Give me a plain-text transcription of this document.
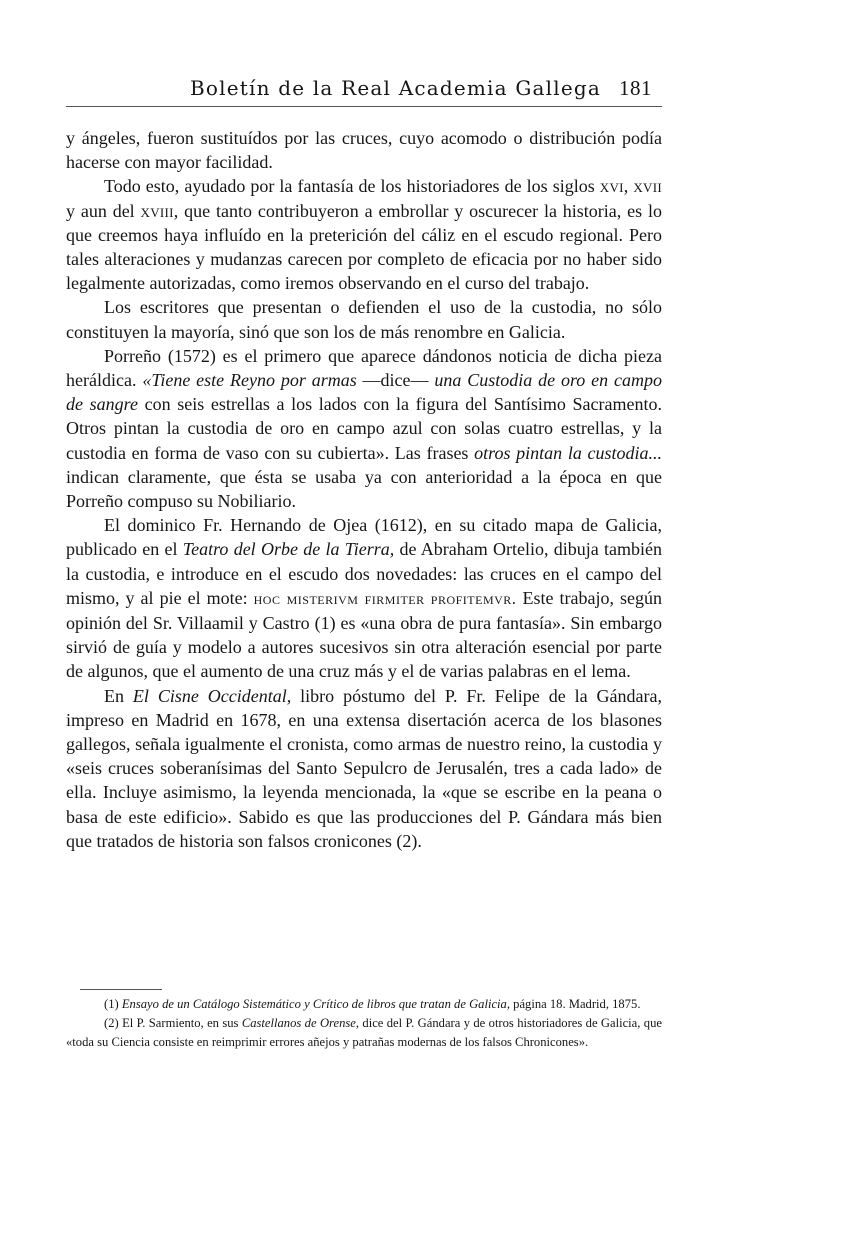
Boletín de la Real Academia Gallega 181

y ángeles, fueron sustituídos por las cruces, cuyo acomodo o distribución podía hacerse con mayor facilidad.

Todo esto, ayudado por la fantasía de los historiadores de los siglos xvi, xvii y aun del xviii, que tanto contribuyeron a embrollar y oscurecer la historia, es lo que creemos haya influído en la preterición del cáliz en el escudo regional. Pero tales alteraciones y mudanzas carecen por completo de eficacia por no haber sido legalmente autorizadas, como iremos observando en el curso del trabajo.

Los escritores que presentan o defienden el uso de la custodia, no sólo constituyen la mayoría, sinó que son los de más renombre en Galicia.

Porreño (1572) es el primero que aparece dándonos noticia de dicha pieza heráldica. «Tiene este Reyno por armas —dice— una Custodia de oro en campo de sangre con seis estrellas a los lados con la figura del Santísimo Sacramento. Otros pintan la custodia de oro en campo azul con solas cuatro estrellas, y la custodia en forma de vaso con su cubierta». Las frases otros pintan la custodia... indican claramente, que ésta se usaba ya con anterioridad a la época en que Porreño compuso su Nobiliario.

El dominico Fr. Hernando de Ojea (1612), en su citado mapa de Galicia, publicado en el Teatro del Orbe de la Tierra, de Abraham Ortelio, dibuja también la custodia, e introduce en el escudo dos novedades: las cruces en el campo del mismo, y al pie el mote: hoc misterivm firmiter profitemvr. Este trabajo, según opinión del Sr. Villaamil y Castro (1) es «una obra de pura fantasía». Sin embargo sirvió de guía y modelo a autores sucesivos sin otra alteración esencial por parte de algunos, que el aumento de una cruz más y el de varias palabras en el lema.

En El Cisne Occidental, libro póstumo del P. Fr. Felipe de la Gándara, impreso en Madrid en 1678, en una extensa disertación acerca de los blasones gallegos, señala igualmente el cronista, como armas de nuestro reino, la custodia y «seis cruces soberanísimas del Santo Sepulcro de Jerusalén, tres a cada lado» de ella. Incluye asimismo, la leyenda mencionada, la «que se escribe en la peana o basa de este edificio». Sabido es que las producciones del P. Gándara más bien que tratados de historia son falsos cronicones (2).

(1) Ensayo de un Catálogo Sistemático y Crítico de libros que tratan de Galicia, página 18. Madrid, 1875.

(2) El P. Sarmiento, en sus Castellanos de Orense, dice del P. Gándara y de otros historiadores de Galicia, que «toda su Ciencia consiste en reimprimir errores añejos y patrañas modernas de los falsos Chronicones».
